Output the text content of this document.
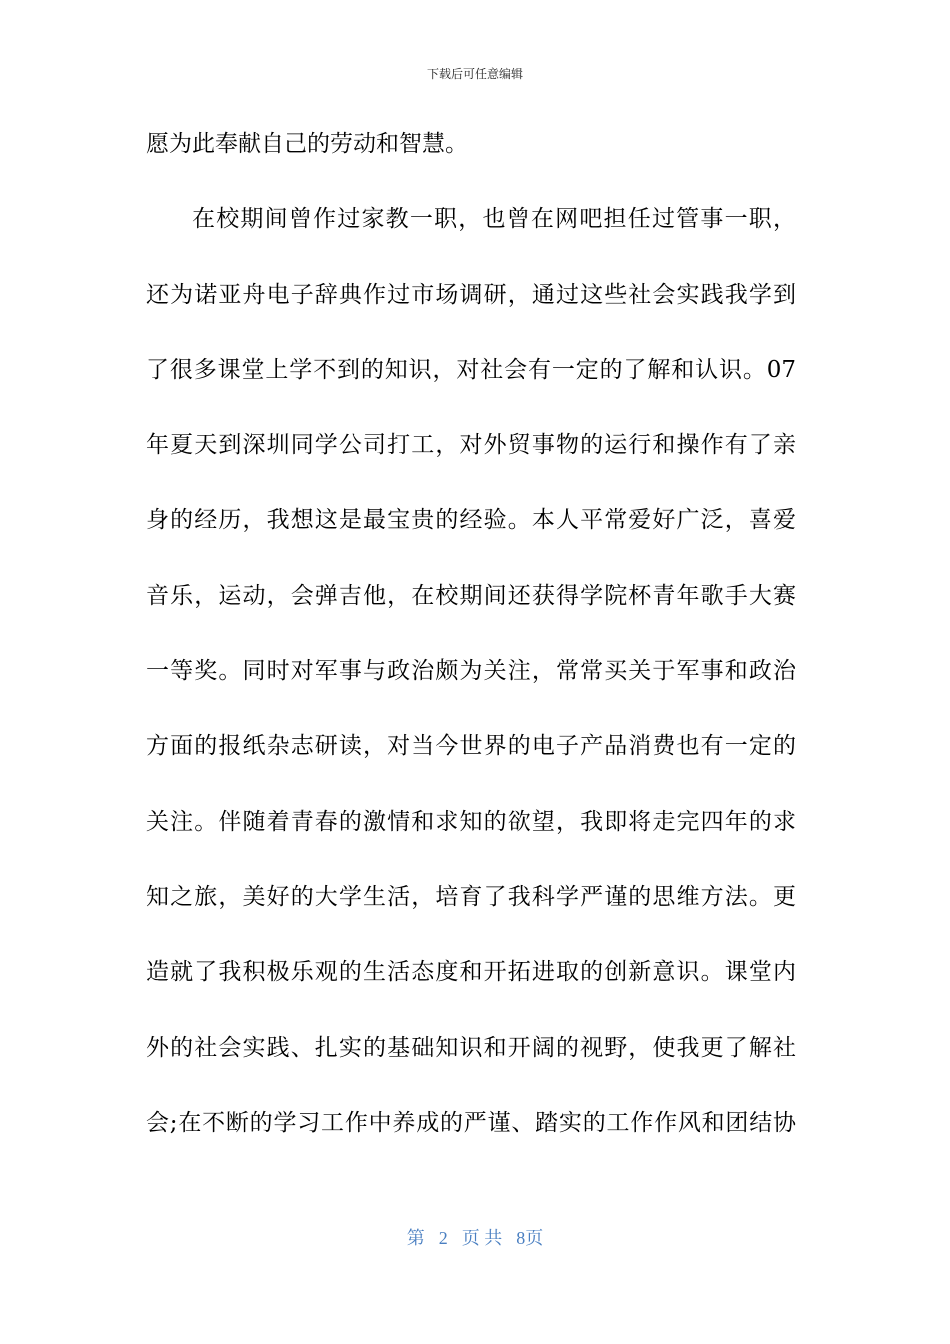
下载后可任意编辑
愿为此奉献自己的劳动和智慧。
在校期间曾作过家教一职，也曾在网吧担任过管事一职，
还为诺亚舟电子辞典作过市场调研，通过这些社会实践我学到
了很多课堂上学不到的知识，对社会有一定的了解和认识。07
年夏天到深圳同学公司打工，对外贸事物的运行和操作有了亲
身的经历，我想这是最宝贵的经验。本人平常爱好广泛，喜爱
音乐，运动，会弹吉他，在校期间还获得学院杯青年歌手大赛
一等奖。同时对军事与政治颇为关注，常常买关于军事和政治
方面的报纸杂志研读，对当今世界的电子产品消费也有一定的
关注。伴随着青春的激情和求知的欲望，我即将走完四年的求
知之旅，美好的大学生活，培育了我科学严谨的思维方法。更
造就了我积极乐观的生活态度和开拓进取的创新意识。课堂内
外的社会实践、扎实的基础知识和开阔的视野，使我更了解社
会;在不断的学习工作中养成的严谨、踏实的工作作风和团结协
第 2 页 共 8页
